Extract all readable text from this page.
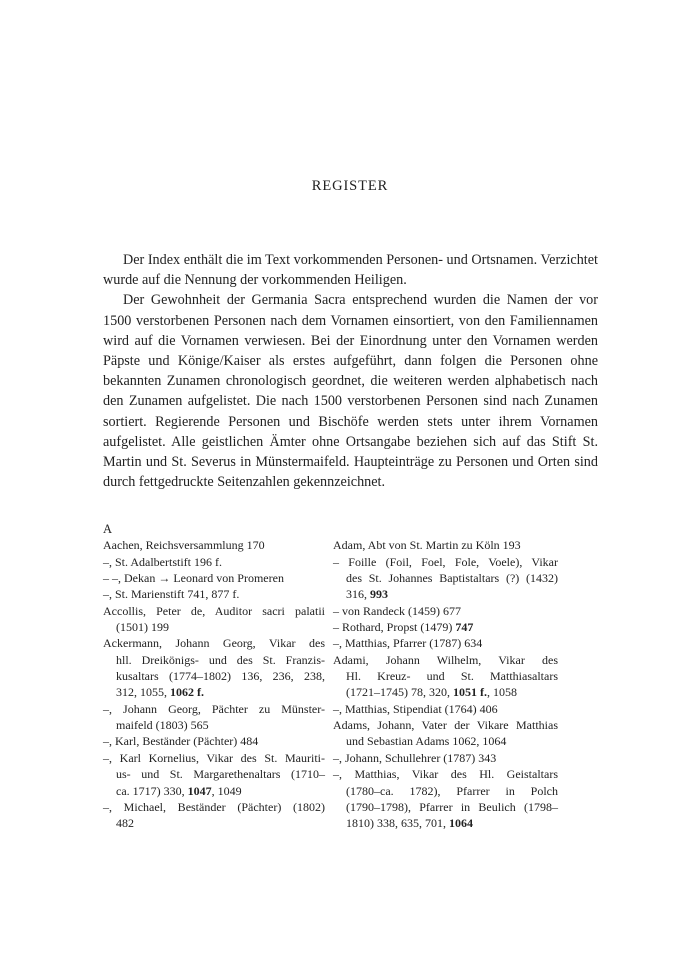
REGISTER

Der Index enthält die im Text vorkommenden Personen- und Ortsnamen. Verzichtet wurde auf die Nennung der vorkommenden Heiligen.

Der Gewohnheit der Germania Sacra entsprechend wurden die Namen der vor 1500 verstorbenen Personen nach dem Vornamen einsortiert, von den Familiennamen wird auf die Vornamen verwiesen. Bei der Einordnung unter den Vornamen werden Päpste und Könige/Kaiser als erstes aufgeführt, dann folgen die Personen ohne bekannten Zunamen chronologisch geordnet, die weiteren werden alphabetisch nach den Zunamen aufgelistet. Die nach 1500 verstorbenen Personen sind nach Zunamen sortiert. Regierende Personen und Bischöfe werden stets unter ihrem Vornamen aufgelistet. Alle geistlichen Ämter ohne Ortsangabe beziehen sich auf das Stift St. Martin und St. Severus in Münstermaifeld. Haupteinträge zu Personen und Orten sind durch fettgedruckte Seitenzahlen gekennzeichnet.

A
Aachen, Reichsversammlung 170
–, St. Adalbertstift 196 f.
– –, Dekan → Leonard von Promeren
–, St. Marienstift 741, 877 f.
Accollis, Peter de, Auditor sacri palatii
(1501) 199
Ackermann, Johann Georg, Vikar des
hll. Dreikönigs- und des St. Franzis-
kusaltars (1774–1802) 136, 236, 238,
312, 1055, 1062 f.
–, Johann Georg, Pächter zu Münster-
maifeld (1803) 565
–, Karl, Beständer (Pächter) 484
–, Karl Kornelius, Vikar des St. Mauriti-
us- und St. Margarethenaltars (1710–
ca. 1717) 330, 1047, 1049
–, Michael, Beständer (Pächter) (1802)
482
Adam, Abt von St. Martin zu Köln 193
– Foille (Foil, Foel, Fole, Voele), Vikar
des St. Johannes Baptistaltars (?) (1432)
316, 993
– von Randeck (1459) 677
– Rothard, Propst (1479) 747
–, Matthias, Pfarrer (1787) 634
Adami, Johann Wilhelm, Vikar des
Hl. Kreuz- und St. Matthiasaltars
(1721–1745) 78, 320, 1051 f., 1058
–, Matthias, Stipendiat (1764) 406
Adams, Johann, Vater der Vikare Matthias
und Sebastian Adams 1062, 1064
–, Johann, Schullehrer (1787) 343
–, Matthias, Vikar des Hl. Geistaltars
(1780–ca. 1782), Pfarrer in Polch
(1790–1798), Pfarrer in Beulich (1798–
1810) 338, 635, 701, 1064
